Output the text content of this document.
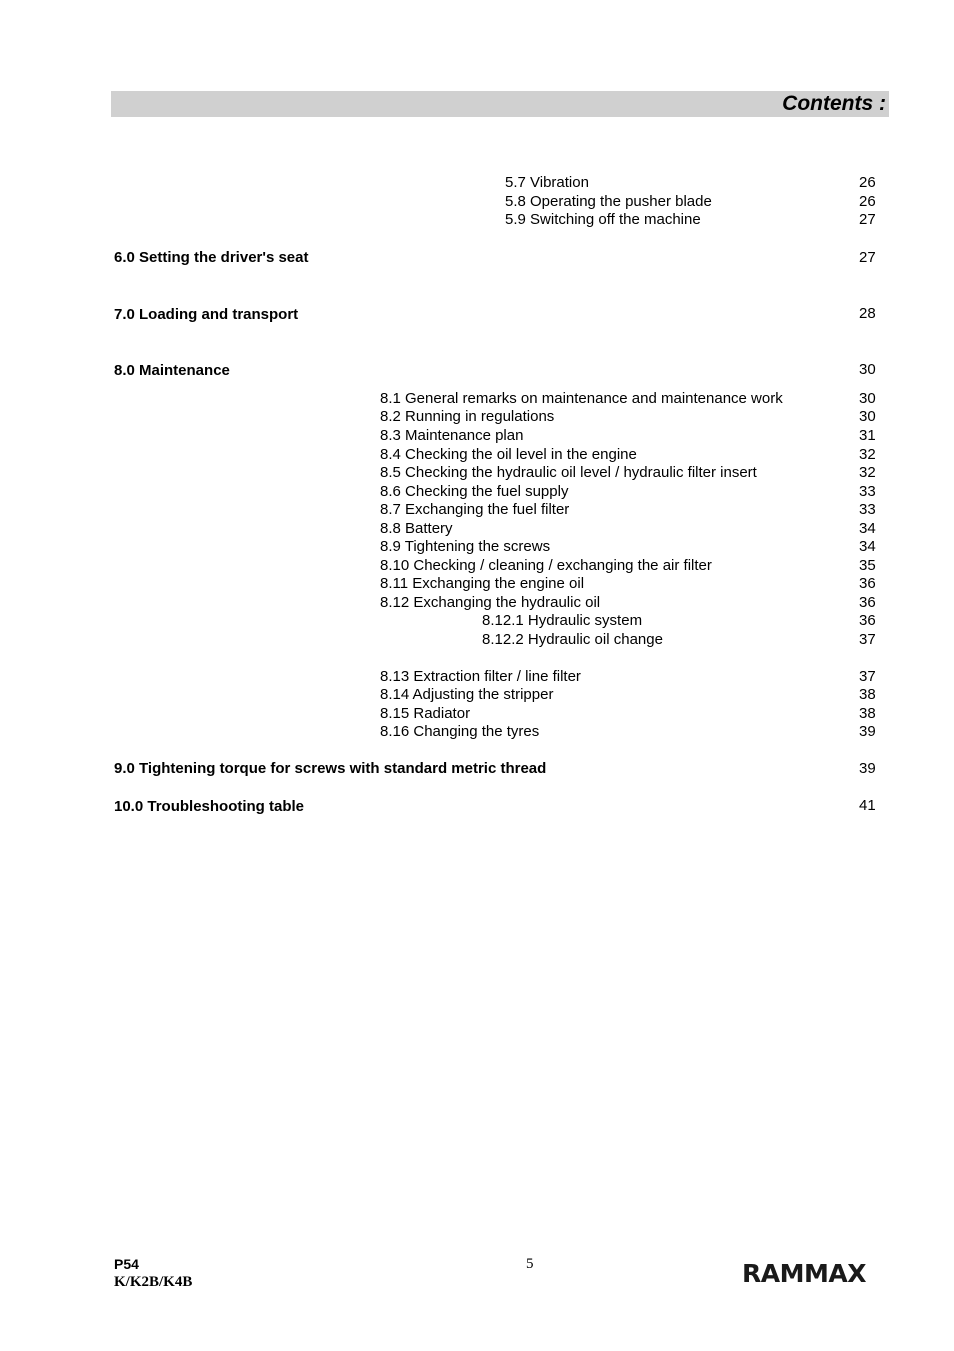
Contents :
5.7 Vibration	26
5.8 Operating the pusher blade	26
5.9 Switching off the machine	27
6.0 Setting the driver's seat	27
7.0 Loading and transport	28
8.0 Maintenance	30
8.1 General remarks on maintenance and maintenance work	30
8.2 Running in regulations	30
8.3 Maintenance plan	31
8.4 Checking the oil level in the engine	32
8.5 Checking the hydraulic oil level / hydraulic filter insert	32
8.6 Checking the fuel supply	33
8.7 Exchanging the fuel filter	33
8.8 Battery	34
8.9 Tightening the screws	34
8.10 Checking / cleaning / exchanging the air filter	35
8.11 Exchanging the engine oil	36
8.12 Exchanging the hydraulic oil	36
8.12.1 Hydraulic system	36
8.12.2 Hydraulic oil change	37
8.13 Extraction filter / line filter	37
8.14 Adjusting the stripper	38
8.15 Radiator	38
8.16 Changing the tyres	39
9.0 Tightening torque for screws with standard metric thread	39
10.0 Troubleshooting table	41
P54
K/K2B/K4B
5	RAMMAX
